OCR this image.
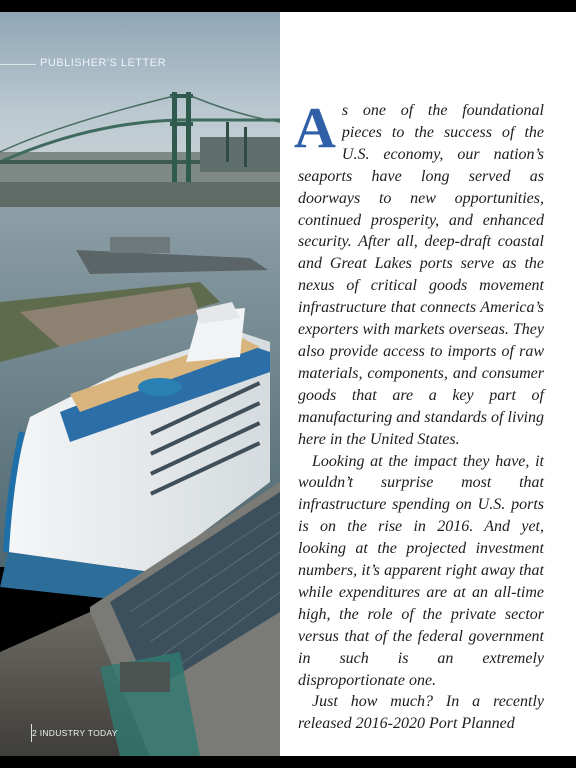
PUBLISHER'S LETTER
2 INDUSTRY TODAY

As one of the foundational pieces to the success of the U.S. economy, our nation’s seaports have long served as doorways to new opportunities, continued prosperity, and enhanced security. After all, deep-draft coastal and Great Lakes ports serve as the nexus of critical goods movement infrastructure that connects America’s exporters with markets overseas. They also provide access to imports of raw materials, components, and consumer goods that are a key part of manufacturing and standards of living here in the United States.

Looking at the impact they have, it wouldn’t surprise most that infrastructure spending on U.S. ports is on the rise in 2016. And yet, looking at the projected investment numbers, it’s apparent right away that while expenditures are at an all-time high, the role of the private sector versus that of the federal government in such is an extremely disproportionate one.

Just how much? In a recently released 2016-2020 Port Planned
